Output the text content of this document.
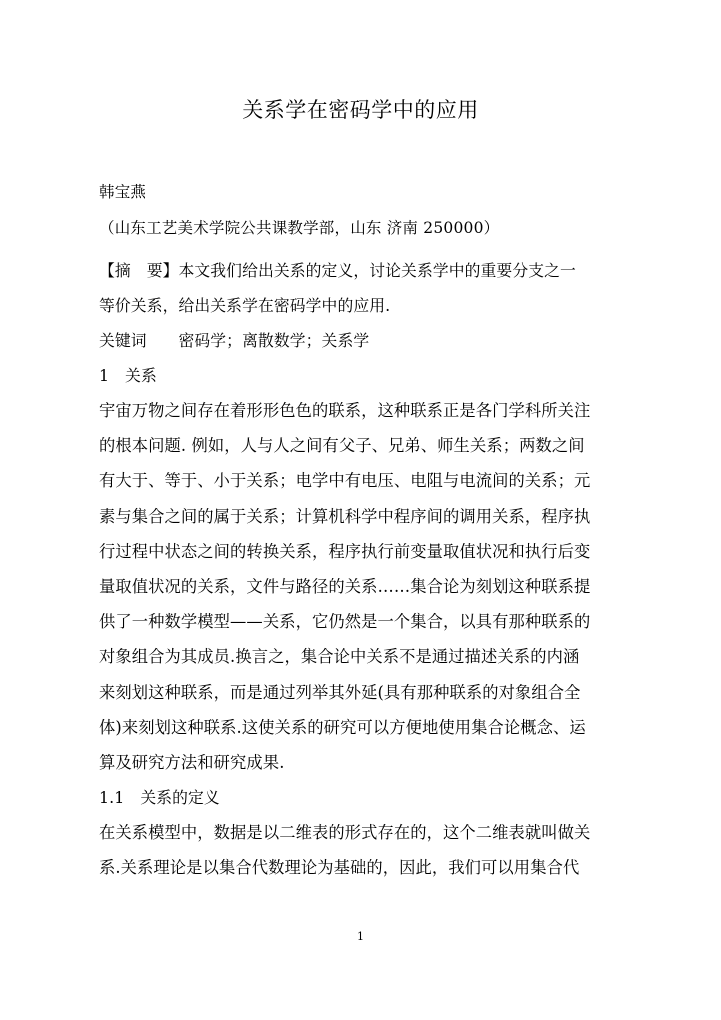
关系学在密码学中的应用
韩宝燕
（山东工艺美术学院公共课教学部，山东 济南 250000）
【摘　要】本文我们给出关系的定义，讨论关系学中的重要分支之一
等价关系，给出关系学在密码学中的应用.
关键词　　密码学；离散数学；关系学
1　关系
宇宙万物之间存在着形形色色的联系，这种联系正是各门学科所关注
的根本问题. 例如，人与人之间有父子、兄弟、师生关系；两数之间
有大于、等于、小于关系；电学中有电压、电阻与电流间的关系；元
素与集合之间的属于关系；计算机科学中程序间的调用关系，程序执
行过程中状态之间的转换关系，程序执行前变量取值状况和执行后变
量取值状况的关系，文件与路径的关系……集合论为刻划这种联系提
供了一种数学模型——关系，它仍然是一个集合，以具有那种联系的
对象组合为其成员.换言之，集合论中关系不是通过描述关系的内涵
来刻划这种联系，而是通过列举其外延(具有那种联系的对象组合全
体)来刻划这种联系.这使关系的研究可以方便地使用集合论概念、运
算及研究方法和研究成果.
1.1　关系的定义
在关系模型中，数据是以二维表的形式存在的，这个二维表就叫做关
系.关系理论是以集合代数理论为基础的，因此，我们可以用集合代
1
